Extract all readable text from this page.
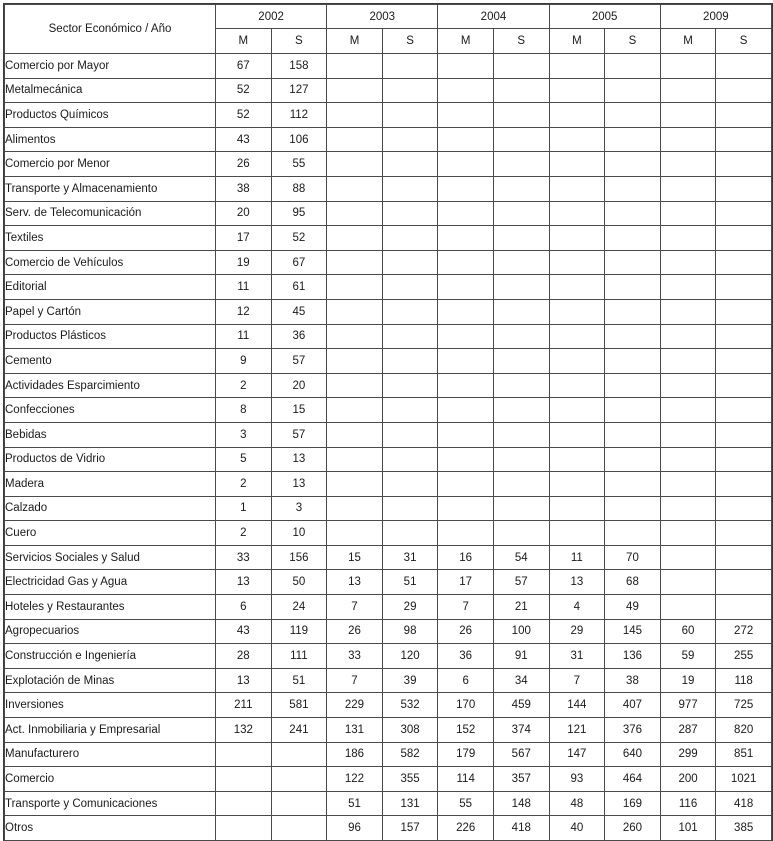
Sector Económico / Año	2002		2003		2004		2005		2009	
	M	S	M	S	M	S	M	S	M	S
Comercio por Mayor	67	158								
Metalmecánica	52	127								
Productos Químicos	52	112								
Alimentos	43	106								
Comercio por Menor	26	55								
Transporte y Almacenamiento	38	88								
Serv. de Telecomunicación	20	95								
Textiles	17	52								
Comercio de Vehículos	19	67								
Editorial	11	61								
Papel y Cartón	12	45								
Productos Plásticos	11	36								
Cemento	9	57								
Actividades Esparcimiento	2	20								
Confecciones	8	15								
Bebidas	3	57								
Productos de Vidrio	5	13								
Madera	2	13								
Calzado	1	3								
Cuero	2	10								
Servicios Sociales y Salud	33	156	15	31	16	54	11	70		
Electricidad Gas y Agua	13	50	13	51	17	57	13	68		
Hoteles y Restaurantes	6	24	7	29	7	21	4	49		
Agropecuarios	43	119	26	98	26	100	29	145	60	272
Construcción e Ingeniería	28	111	33	120	36	91	31	136	59	255
Explotación de Minas	13	51	7	39	6	34	7	38	19	118
Inversiones	211	581	229	532	170	459	144	407	977	725
Act. Inmobiliaria y Empresarial	132	241	131	308	152	374	121	376	287	820
Manufacturero			186	582	179	567	147	640	299	851
Comercio			122	355	114	357	93	464	200	1021
Transporte y Comunicaciones			51	131	55	148	48	169	116	418
Otros			96	157	226	418	40	260	101	385
